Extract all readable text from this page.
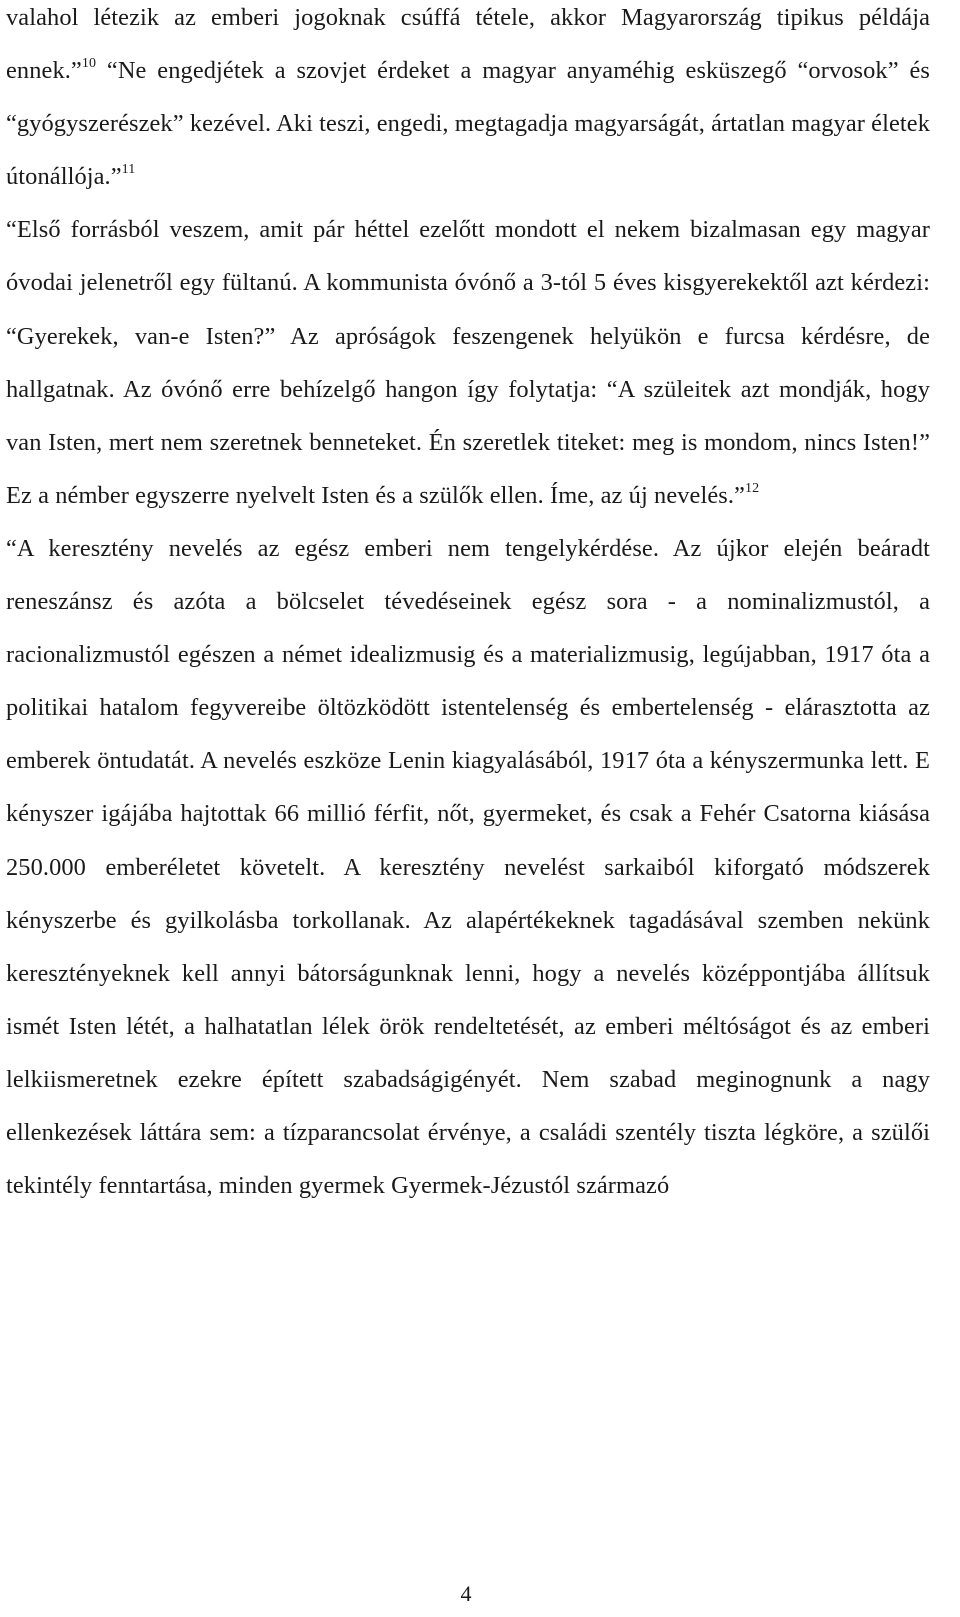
valahol létezik az emberi jogoknak csúffá tétele, akkor Magyarország tipikus példája ennek.”$^{10}$ “Ne engedjétek a szovjet érdeket a magyar anyaméhig esküszegő “orvosok” és “gyógyszerészek” kezével. Aki teszi, engedi, megtagadja magyarságát, ártatlan magyar életek útonállója.”$^{11}$

“Első forrásból veszem, amit pár héttel ezelőtt mondott el nekem bizalmasan egy magyar óvodai jelenetről egy fültanú. A kommunista óvónő a 3-tól 5 éves kisgyerekektől azt kérdezi: “Gyerekek, van-e Isten?” Az apróságok feszengenek helyükön e furcsa kérdésre, de hallgatnak. Az óvónő erre behízelgő hangon így folytatja: “A szüleitek azt mondják, hogy van Isten, mert nem szeretnek benneteket. Én szeretlek titeket: meg is mondom, nincs Isten!” Ez a némber egyszerre nyelvelt Isten és a szülők ellen. Íme, az új nevelés.”$^{12}$

“A keresztény nevelés az egész emberi nem tengelykérdése. Az újkor elején beáradt reneszánsz és azóta a bölcselet tévedéseinek egész sora - a nominalizmustól, a racionalizmustól egészen a német idealizmusig és a materializmusig, legújabban, 1917 óta a politikai hatalom fegyvereibe öltözködött istentelenség és embertelenség - elárasztotta az emberek öntudatát. A nevelés eszköze Lenin kiagyalásából, 1917 óta a kényszermunka lett. E kényszer igájába hajtottak 66 millió férfit, nőt, gyermeket, és csak a Fehér Csatorna kiásása 250.000 emberéletet követelt. A keresztény nevelést sarkaiból kiforgató módszerek kényszerbe és gyilkolásba torkollanak. Az alapértékeknek tagadásával szemben nekünk keresztényeknek kell annyi bátorságunknak lenni, hogy a nevelés középpontjába állítsuk ismét Isten létét, a halhatatlan lélek örök rendeltetését, az emberi méltóságot és az emberi lelkiismeretnek ezekre épített szabadságigényét. Nem szabad meginognunk a nagy ellenkezések láttára sem: a tízparancsolat érvénye, a családi szentély tiszta légköre, a szülői tekintély fenntartása, minden gyermek Gyermek-Jézustól származó

4
